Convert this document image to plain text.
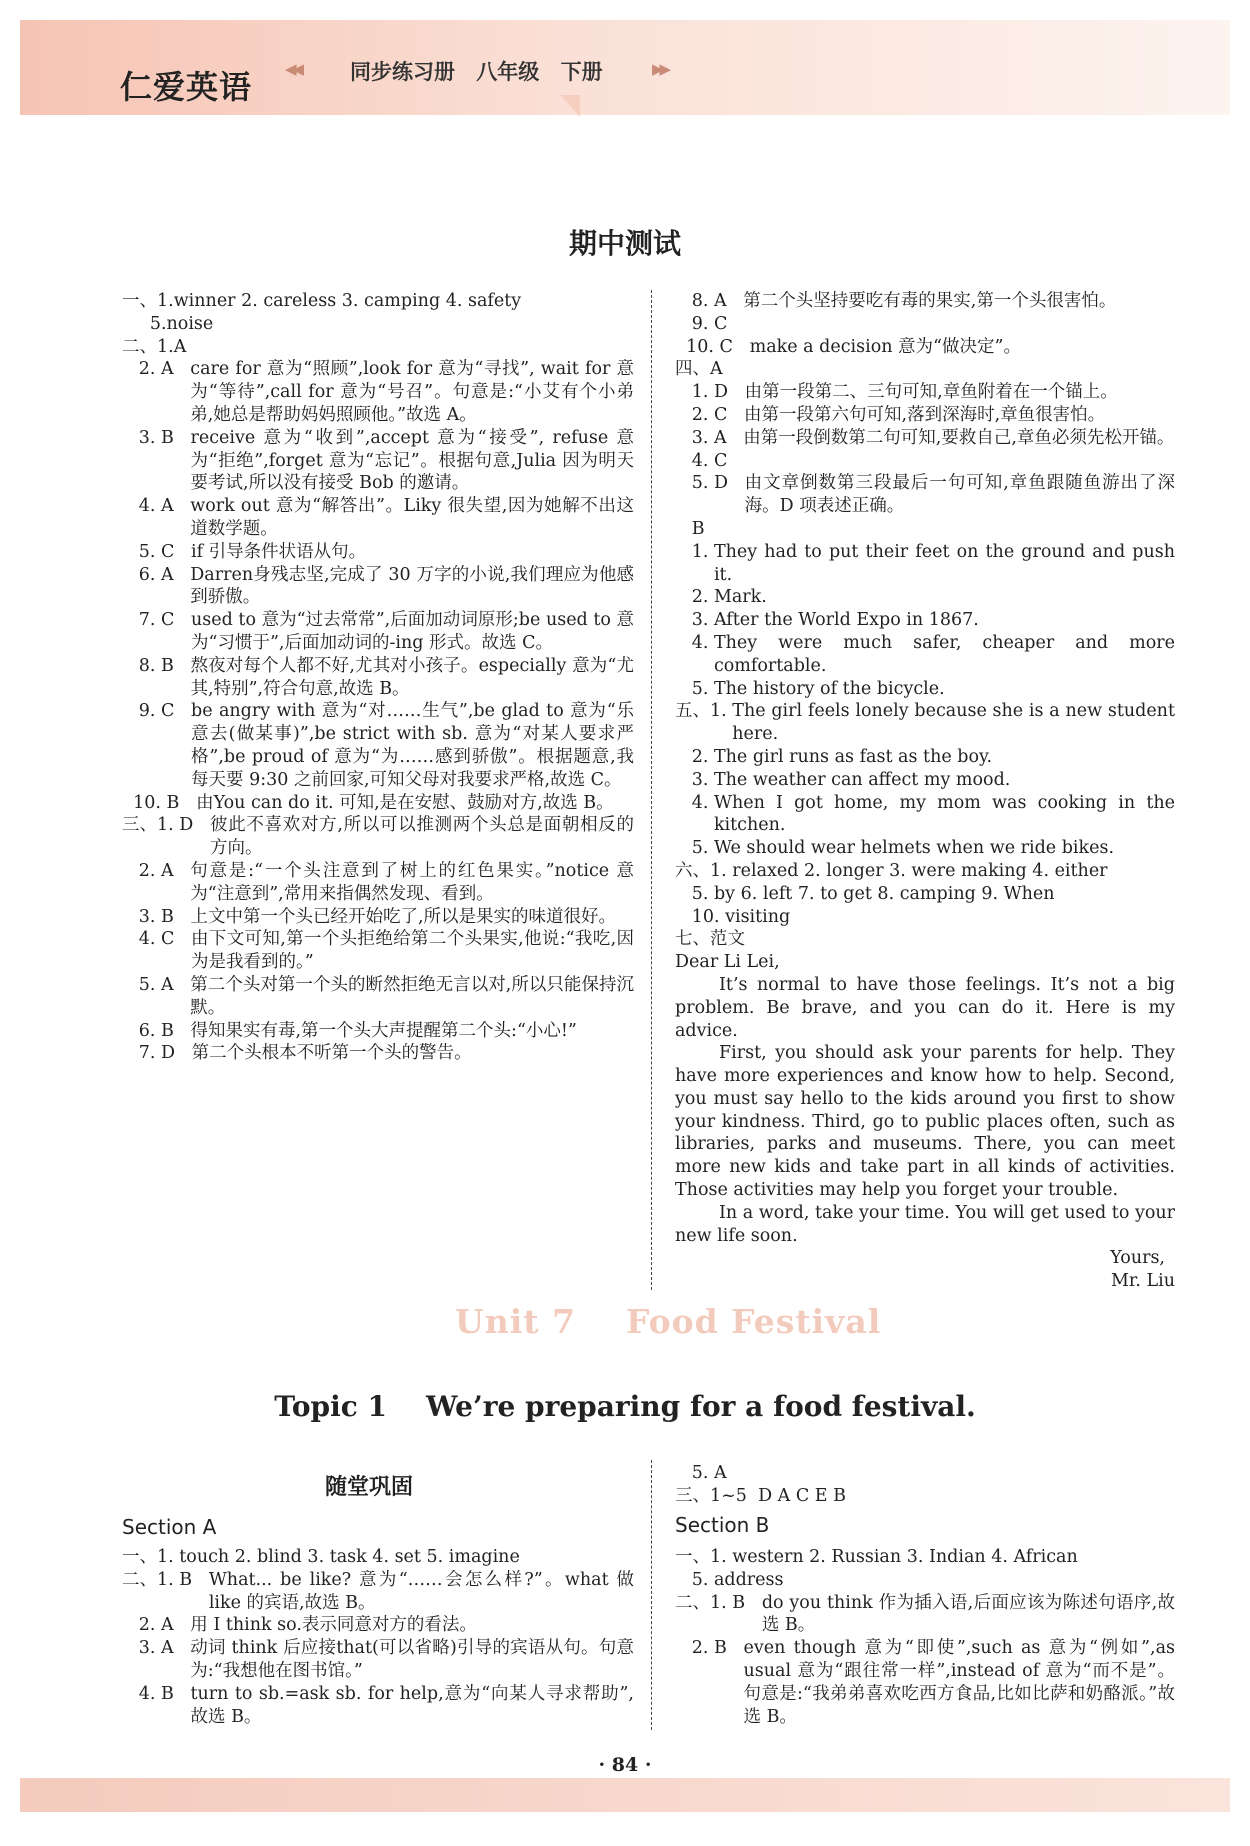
仁爱英语 ◀◀ 同步练习册 八年级 下册	▶▶
期中测试
一、1. winner 2. careless 3. camping 4. safety
5. noise
二、1. A
2. A care for 意为“照顾”,look for 意为“寻找”, wait for 意为“等待”,call for 意为“号召”。句意是:“小艾有个小弟弟,她总是帮助妈妈照顾他。”故选 A。
3. B receive 意为“收到”,accept 意为“接受”, refuse 意为“拒绝”,forget 意为“忘记”。根据句意,Julia 因为明天要考试,所以没有接受 Bob 的邀请。
4. A work out 意为“解答出”。Liky 很失望,因为她解不出这道数学题。
5. C if 引导条件状语从句。
6. A Darren身残志坚,完成了 30 万字的小说,我们理应为他感到骄傲。
7. C used to 意为“过去常常”,后面加动词原形;be used to 意为“习惯于”,后面加动词的-ing 形式。故选 C。
8. B 熬夜对每个人都不好,尤其对小孩子。especially 意为“尤其,特别”,符合句意,故选 B。
9. C be angry with 意为“对……生气”,be glad to 意为“乐意去(做某事)”,be strict with sb. 意为“对某人要求严格”,be proud of 意为“为……感到骄傲”。根据题意,我每天要 9:30 之前回家,可知父母对我要求严格,故选 C。
10. B 由You can do it. 可知,是在安慰、鼓励对方,故选 B。
三、1. D 彼此不喜欢对方,所以可以推测两个头总是面朝相反的方向。
2. A 句意是:“一个头注意到了树上的红色果实。”notice 意为“注意到”,常用来指偶然发现、看到。
3. B 上文中第一个头已经开始吃了,所以是果实的味道很好。
4. C 由下文可知,第一个头拒绝给第二个头果实,他说:“我吃,因为是我看到的。”
5. A 第二个头对第一个头的断然拒绝无言以对,所以只能保持沉默。
6. B 得知果实有毒,第一个头大声提醒第二个头:“小心!”
7. D 第二个头根本不听第一个头的警告。
8. A 第二个头坚持要吃有毒的果实,第一个头很害怕。
9. C
10. C make a decision 意为“做决定”。
四、A
1. D 由第一段第二、三句可知,章鱼附着在一个锚上。
2. C 由第一段第六句可知,落到深海时,章鱼很害怕。
3. A 由第一段倒数第二句可知,要救自己,章鱼必须先松开锚。
4. C
5. D 由文章倒数第三段最后一句可知,章鱼跟随鱼游出了深海。D 项表述正确。
B
1. They had to put their feet on the ground and push it.
2. Mark.
3. After the World Expo in 1867.
4. They were much safer, cheaper and more comfortable.
5. The history of the bicycle.
五、1. The girl feels lonely because she is a new student here.
2. The girl runs as fast as the boy.
3. The weather can affect my mood.
4. When I got home, my mom was cooking in the kitchen.
5. We should wear helmets when we ride bikes.
六、1. relaxed 2. longer 3. were making 4. either
5. by 6. left 7. to get 8. camping 9. When
10. visiting
七、 范文

Dear Li Lei,

It’s normal to have those feelings. It’s not a big problem. Be brave, and you can do it. Here is my advice.

First, you should ask your parents for help. They have more experiences and know how to help. Second, you must say hello to the kids around you first to show your kindness. Third, go to public places often, such as libraries, parks and museums. There, you can meet more new kids and take part in all kinds of activities. Those activities may help you forget your trouble.

In a word, take your time. You will get used to your new life soon.

Yours,

Mr. Liu

Unit 7    Food Festival
Topic 1    We’re preparing for a food festival.
随堂巩固
Section A
一、1. touch 2. blind 3. task 4. set 5. imagine
二、1. B What... be like? 意为“……会怎么样?”。what 做 like 的宾语,故选 B。
2. A 用 I think so.表示同意对方的看法。
3. A 动词 think 后应接that(可以省略)引导的宾语从句。句意为:“我想他在图书馆。”
4. B turn to sb.=ask sb. for help,意为“向某人寻求帮助”,故选 B。
5. A
三、1~5 D A C E B
Section B
一、1. western 2. Russian 3. Indian 4. African
5. address
二、1. B do you think 作为插入语,后面应该为陈述句语序,故选 B。
2. B even though 意为“即使”,such as 意为“例如”,as usual 意为“跟往常一样”,instead of 意为“而不是”。句意是:“我弟弟喜欢吃西方食品,比如比萨和奶酪派。”故选 B。
· 84 ·
